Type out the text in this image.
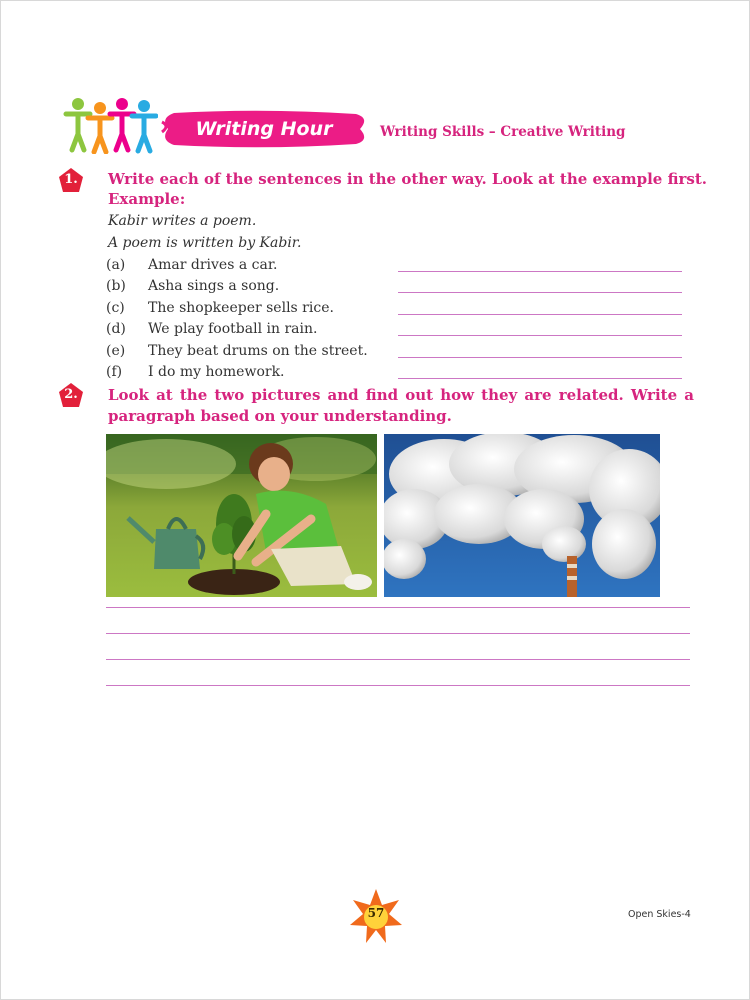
Writing Hour	Writing Skills – Creative Writing
1.	Write each of the sentences in the other way. Look at the example first.
Example:
Kabir writes a poem.
A poem is written by Kabir.
(a)	Amar drives a car.
(b)	Asha sings a song.
(c)	The shopkeeper sells rice.
(d)	We play football in rain.
(e)	They beat drums on the street.
(f)	I do my homework.
2.	Look at the two pictures and find out how they are related. Write a
paragraph based on your understanding.
57	Open Skies-4
